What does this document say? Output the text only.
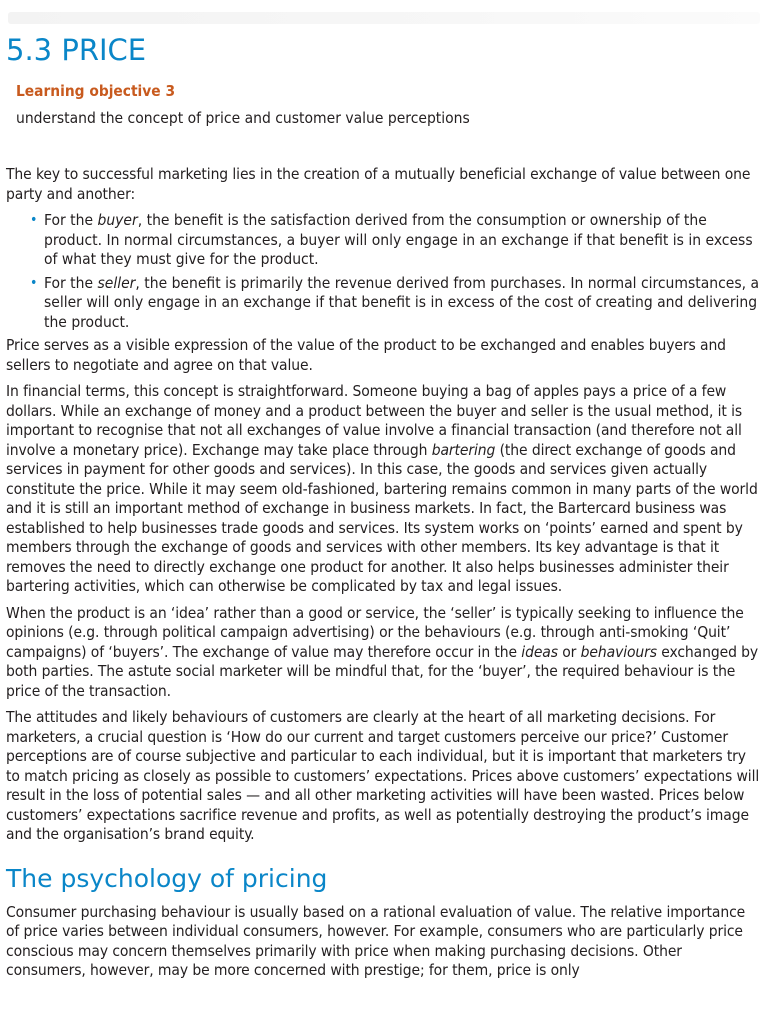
5.3 PRICE
Learning objective 3
understand the concept of price and customer value perceptions

The key to successful marketing lies in the creation of a mutually beneficial exchange of value between one party and another:

• For the buyer, the benefit is the satisfaction derived from the consumption or ownership of the product. In normal circumstances, a buyer will only engage in an exchange if that benefit is in excess of what they must give for the product.
• For the seller, the benefit is primarily the revenue derived from purchases. In normal circumstances, a seller will only engage in an exchange if that benefit is in excess of the cost of creating and delivering the product.

Price serves as a visible expression of the value of the product to be exchanged and enables buyers and sellers to negotiate and agree on that value.

In financial terms, this concept is straightforward. Someone buying a bag of apples pays a price of a few dollars. While an exchange of money and a product between the buyer and seller is the usual method, it is important to recognise that not all exchanges of value involve a financial transaction (and therefore not all involve a monetary price). Exchange may take place through bartering (the direct exchange of goods and services in payment for other goods and services). In this case, the goods and services given actually constitute the price. While it may seem old-fashioned, bartering remains common in many parts of the world and it is still an important method of exchange in business markets. In fact, the Bartercard business was established to help businesses trade goods and services. Its system works on ‘points’ earned and spent by members through the exchange of goods and services with other members. Its key advantage is that it removes the need to directly exchange one product for another. It also helps businesses administer their bartering activities, which can otherwise be complicated by tax and legal issues.

When the product is an ‘idea’ rather than a good or service, the ‘seller’ is typically seeking to influence the opinions (e.g. through political campaign advertising) or the behaviours (e.g. through anti-smoking ‘Quit’ campaigns) of ‘buyers’. The exchange of value may therefore occur in the ideas or behaviours exchanged by both parties. The astute social marketer will be mindful that, for the ‘buyer’, the required behaviour is the price of the transaction.

The attitudes and likely behaviours of customers are clearly at the heart of all marketing decisions. For marketers, a crucial question is ‘How do our current and target customers perceive our price?’ Customer perceptions are of course subjective and particular to each individual, but it is important that marketers try to match pricing as closely as possible to customers’ expectations. Prices above customers’ expectations will result in the loss of potential sales — and all other marketing activities will have been wasted. Prices below customers’ expectations sacrifice revenue and profits, as well as potentially destroying the product’s image and the organisation’s brand equity.

The psychology of pricing

Consumer purchasing behaviour is usually based on a rational evaluation of value. The relative importance of price varies between individual consumers, however. For example, consumers who are particularly price conscious may concern themselves primarily with price when making purchasing decisions. Other consumers, however, may be more concerned with prestige; for them, price is only
